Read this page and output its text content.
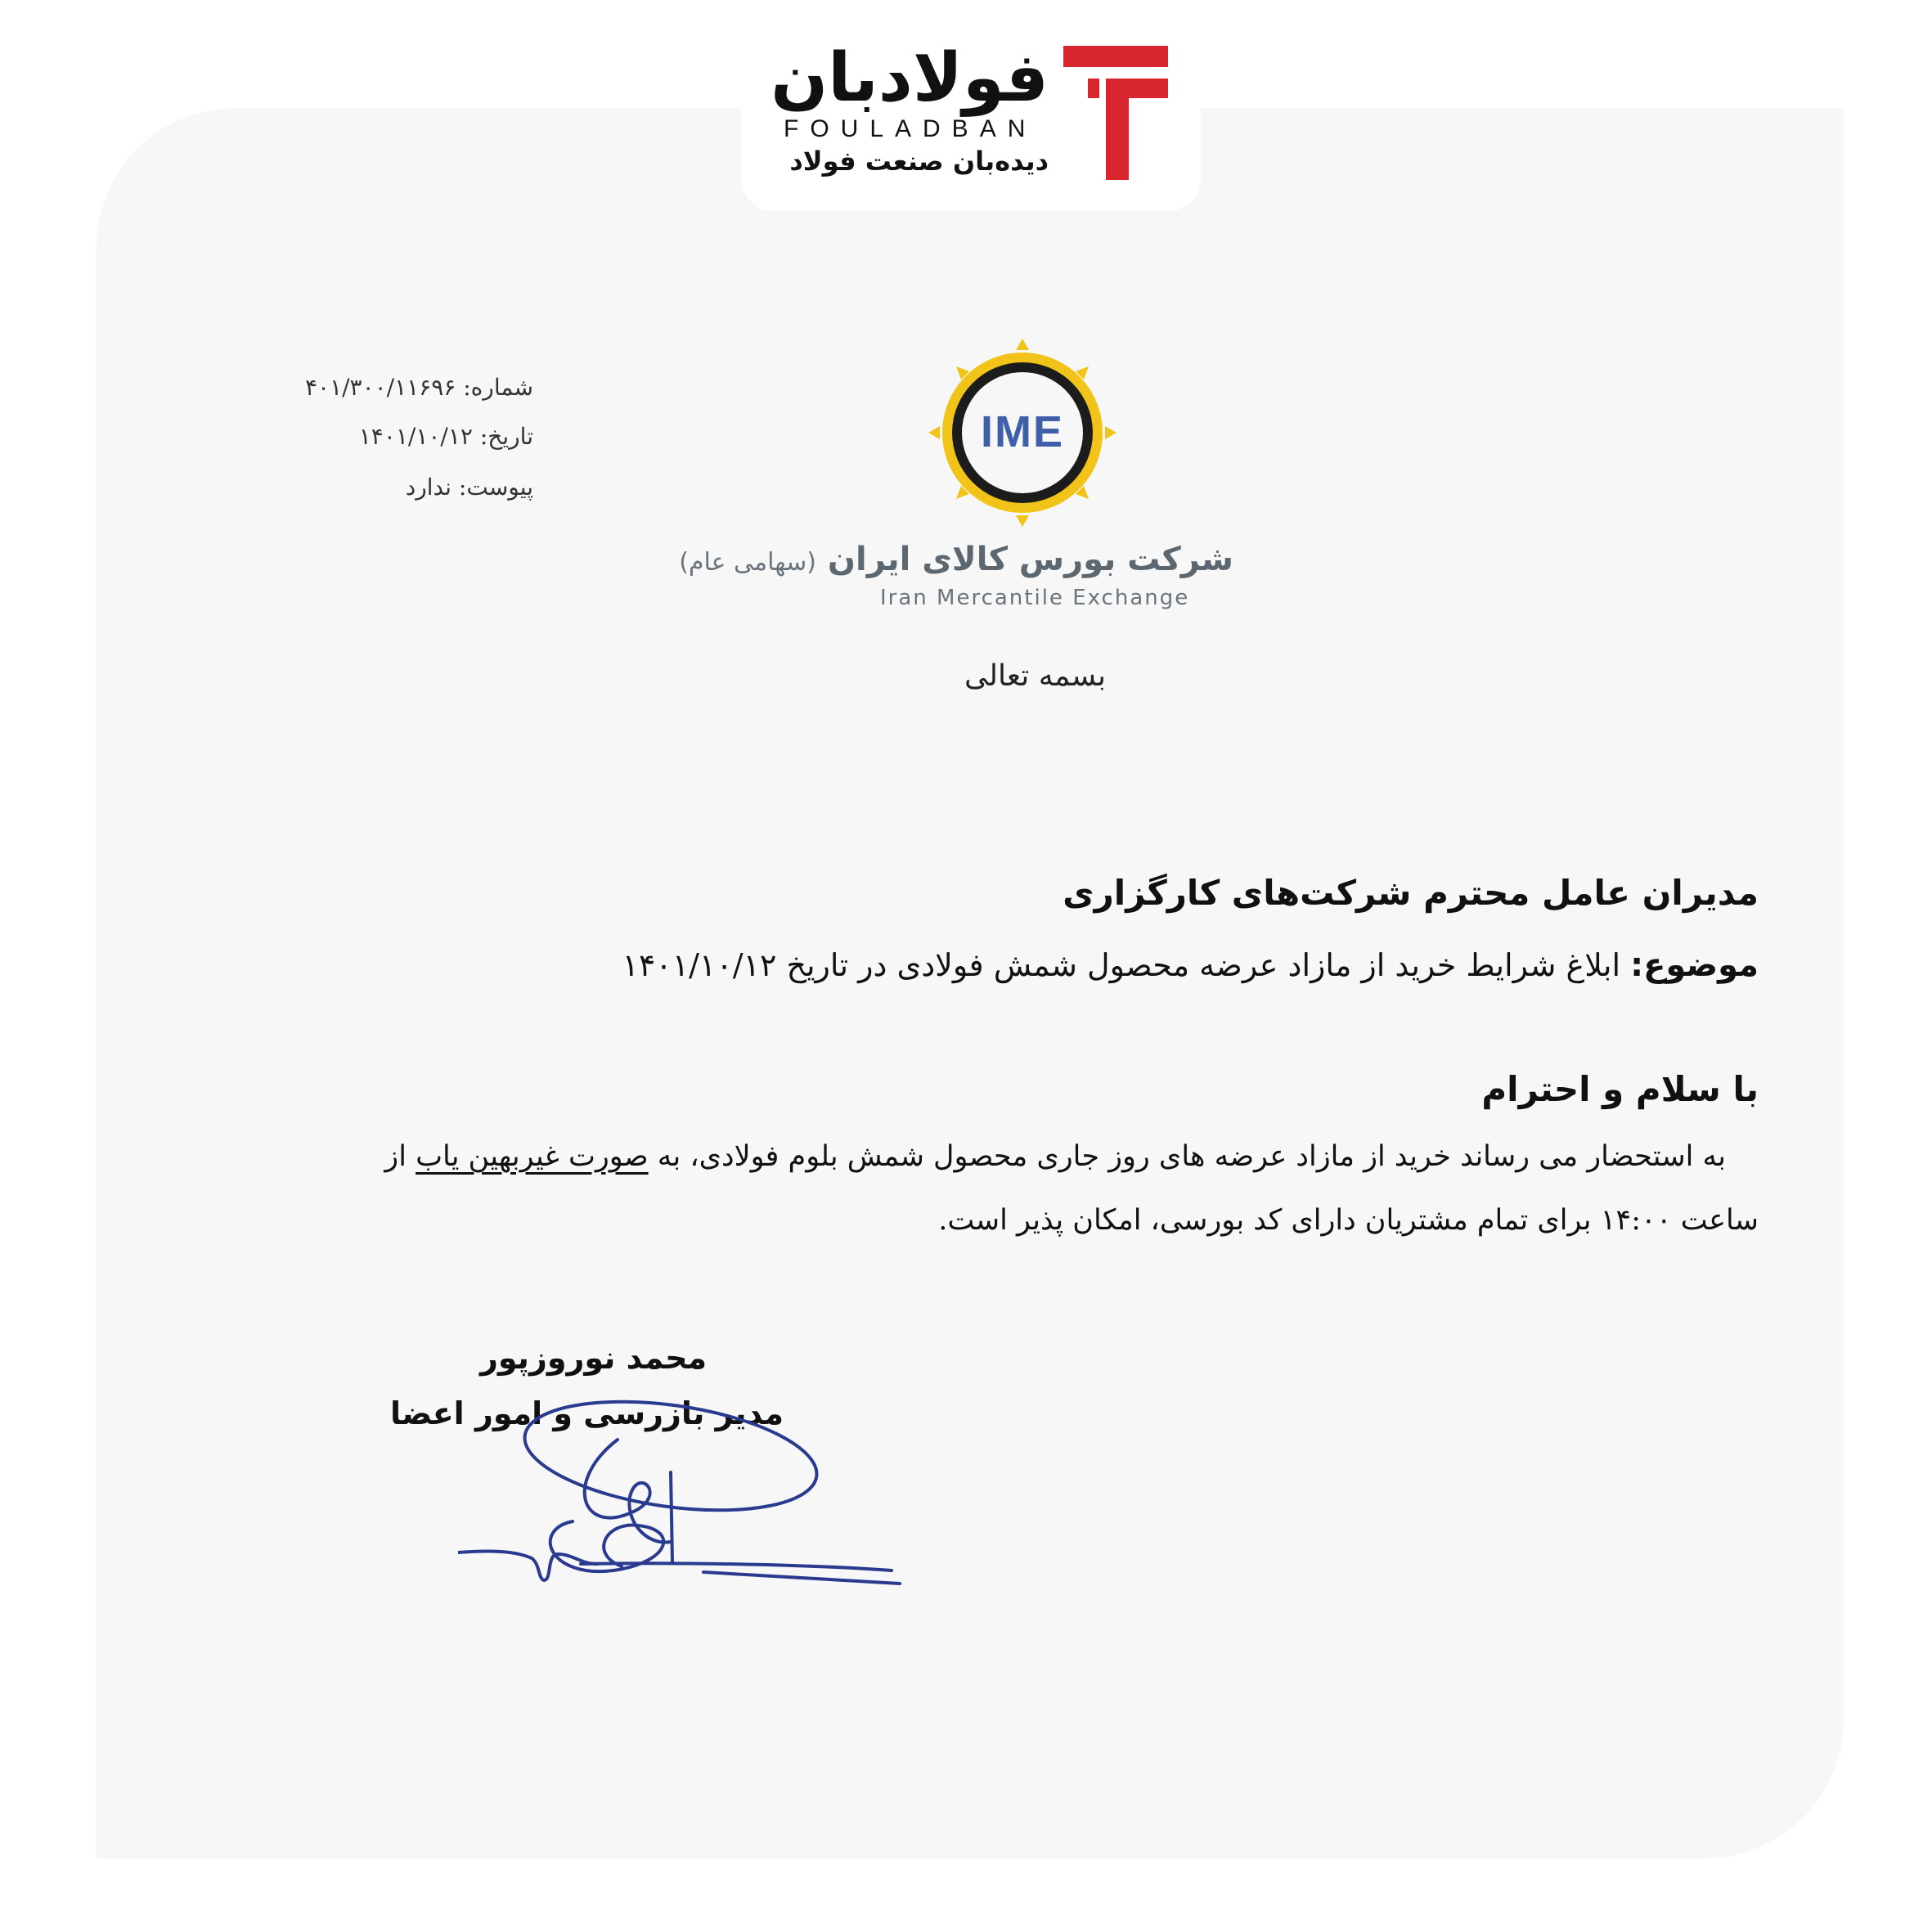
فولادبان
FOULADBAN
دیده‌بان صنعت فولاد
IME
شرکت بورس کالای ایران (سهامی عام)
Iran Mercantile Exchange
شماره: ۴۰۱/۳۰۰/۱۱۶۹۶
تاریخ: ۱۴۰۱/۱۰/۱۲
پیوست: ندارد
بسمه تعالی
مدیران عامل محترم شرکت‌های کارگزاری
موضوع: ابلاغ شرایط خرید از مازاد عرضه محصول شمش فولادی در تاریخ ۱۴۰۱/۱۰/۱۲
با سلام و احترام
به استحضار می رساند خرید از مازاد عرضه های روز جاری محصول شمش بلوم فولادی، به صورت غیربهین یاب از
ساعت ۱۴:۰۰ برای تمام مشتریان دارای کد بورسی، امکان پذیر است.
محمد نوروزپور
مدیر بازرسی و امور اعضا
